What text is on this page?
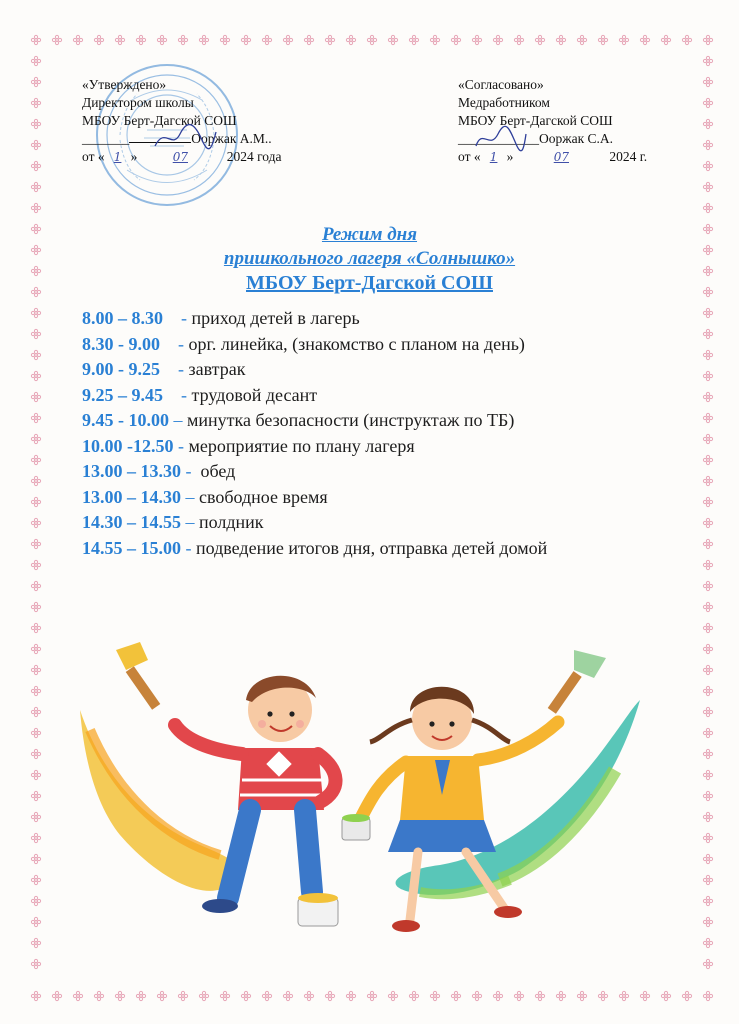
«Утверждено»
Директором школы
МБОУ Берт-Дагской СОШ
_______	Ооржак А.М..
от « 1 »	07	2024 года
«Согласовано»
Медработником
МБОУ Берт-Дагской СОШ
____________Ооржак С.А.
от « 1 »	07	2024 г.
Режим дня
пришкольного лагеря «Солнышко»
МБОУ Берт-Дагской СОШ
8.00 – 8.30    - приход детей в лагерь
8.30 - 9.00    - орг. линейка, (знакомство с планом на день)
9.00 - 9.25    - завтрак
9.25 – 9.45    - трудовой десант
9.45 - 10.00 – минутка безопасности (инструктаж по ТБ)
10.00 -12.50 - мероприятие по плану лагеря
13.00 – 13.30 -  обед
13.00 – 14.30 – свободное время
14.30 – 14.55 – полдник
14.55 – 15.00 - подведение итогов дня, отправка детей домой
